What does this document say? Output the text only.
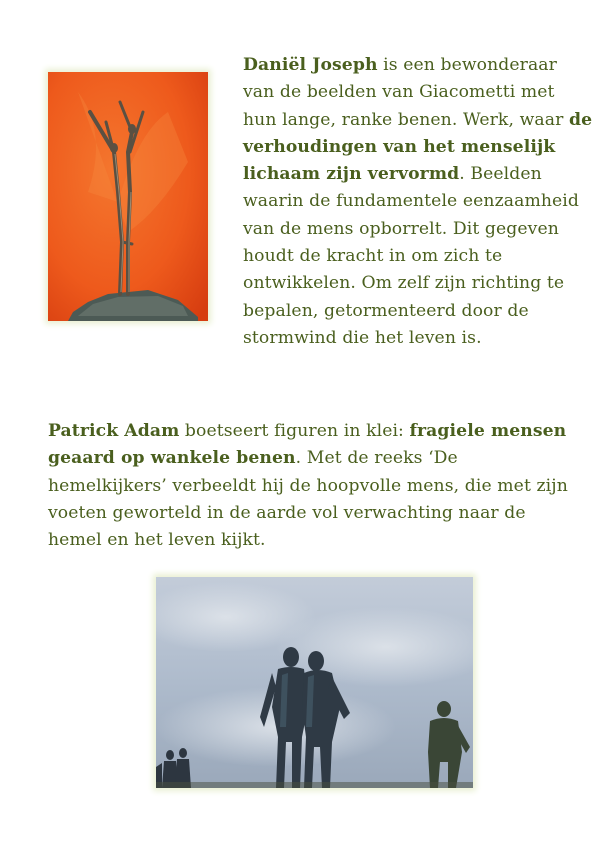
Daniël Joseph is een bewonderaar van de beelden van Giacometti met hun lange, ranke benen. Werk, waar de verhoudingen van het menselijk lichaam zijn vervormd. Beelden waarin de fundamentele eenzaamheid van de mens opborrelt. Dit gegeven houdt de kracht in om zich te ontwikkelen. Om zelf zijn richting te bepalen, getormenteerd door de stormwind die het leven is.
Patrick Adam boetseert figuren in klei: fragiele mensen geaard op wankele benen. Met de reeks ‘De hemelkijkers’ verbeeldt hij de hoopvolle mens, die met zijn voeten geworteld in de aarde vol verwachting naar de hemel en het leven kijkt.
